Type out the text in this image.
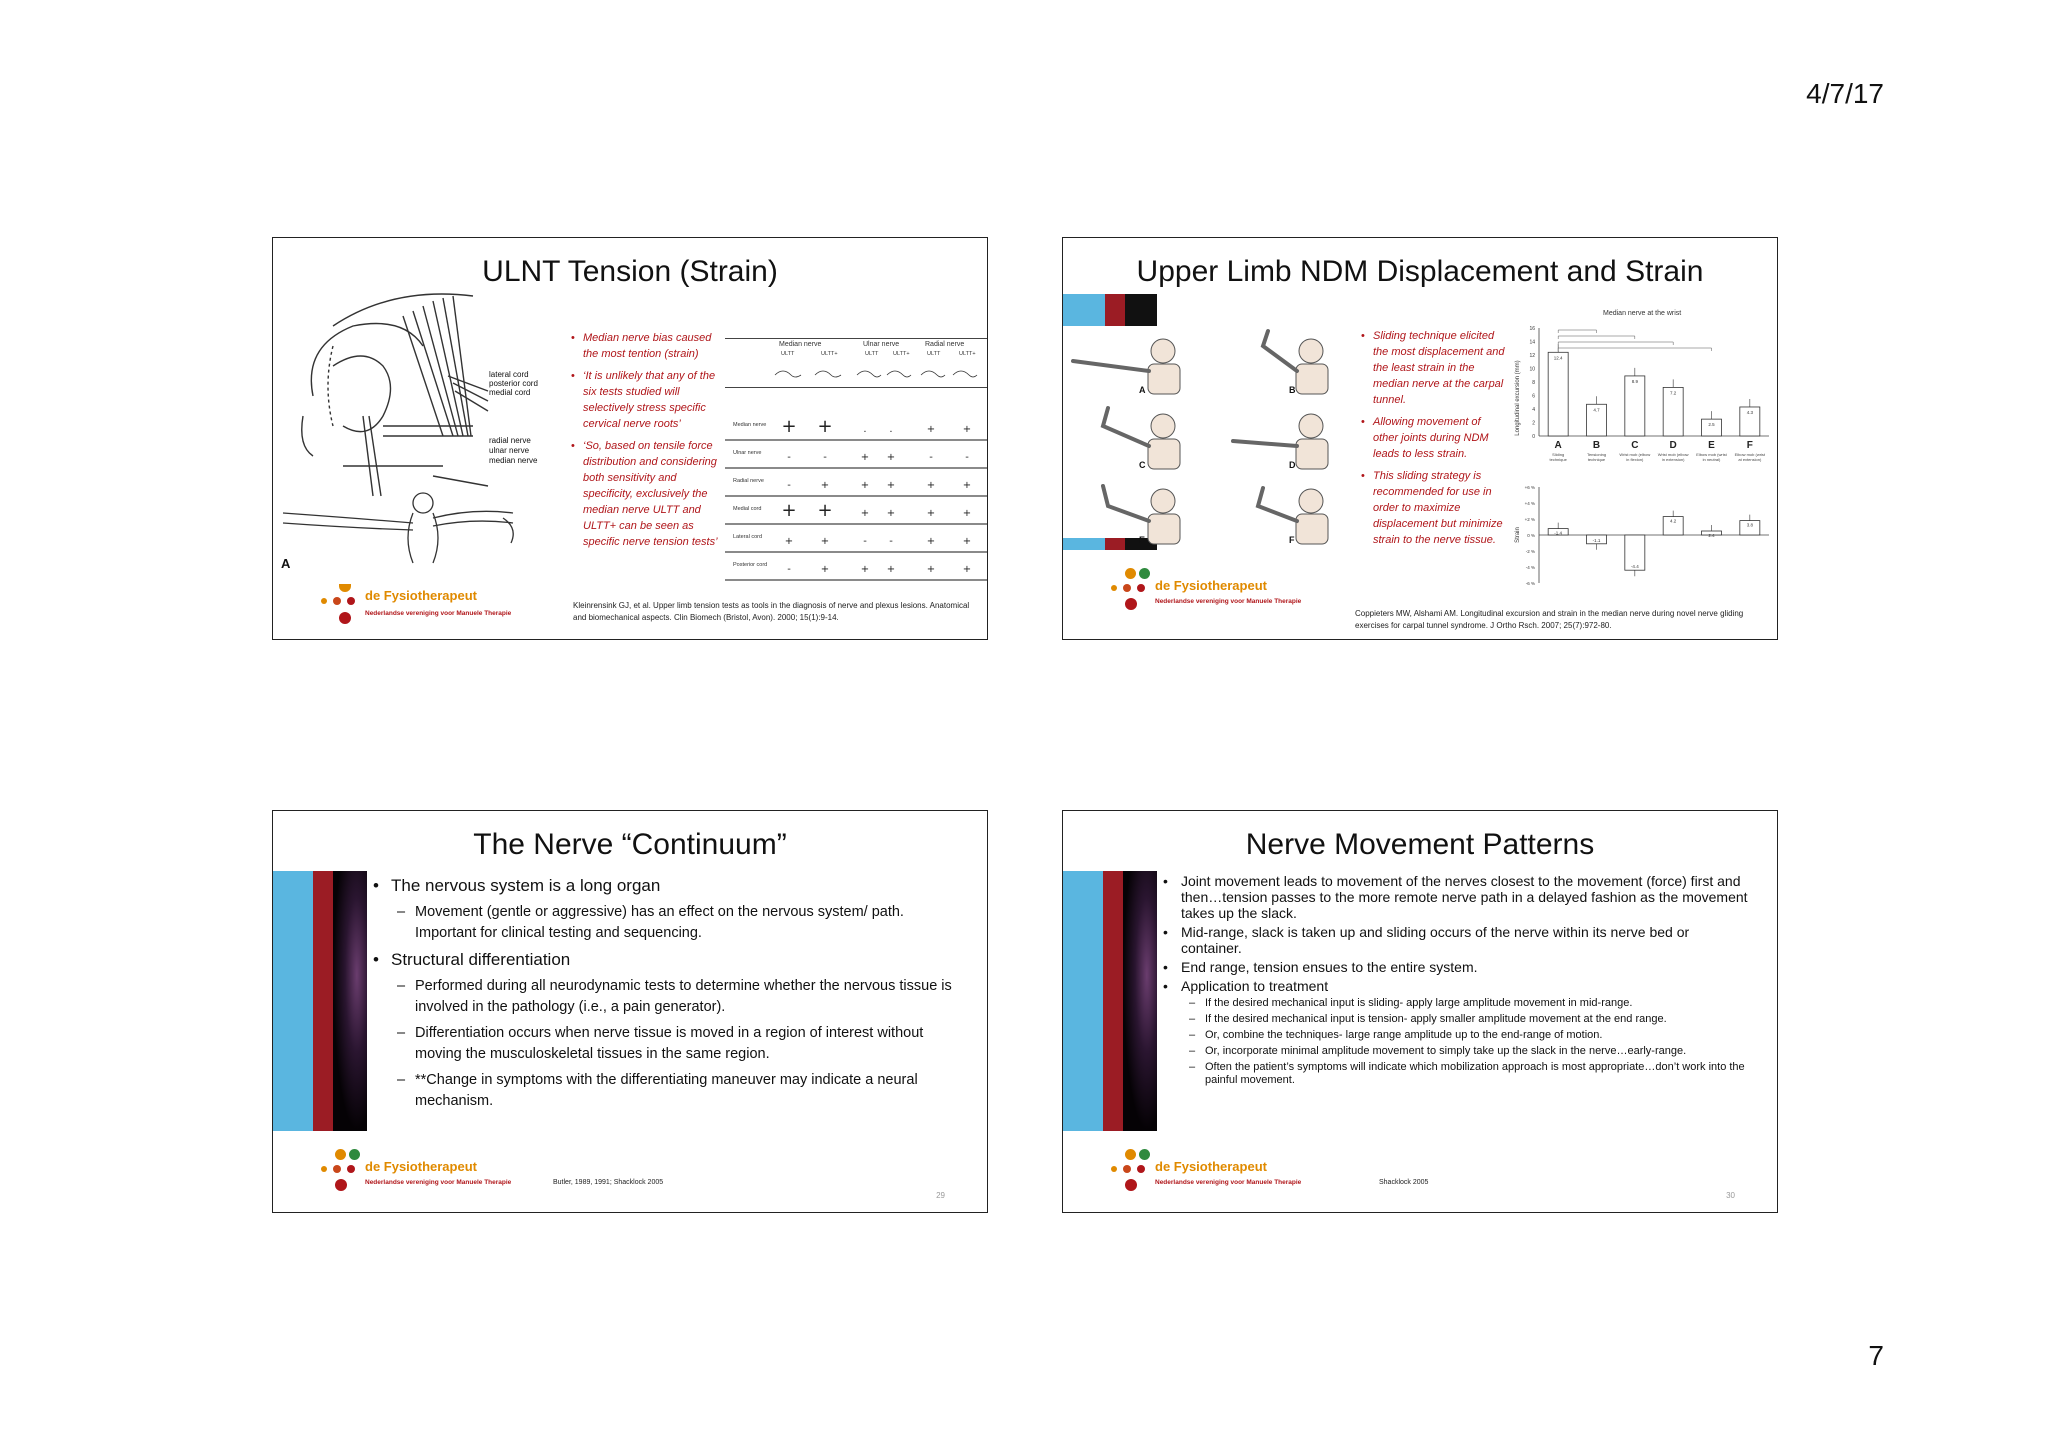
4/7/17
ULNT Tension (Strain)
lateral cord
posterior cord
medial cord
radial nerve
ulnar nerve
median nerve
A
• Median nerve bias caused the most tention (strain)
• ‘It is unlikely that any of the six tests studied will selectively stress specific cervical nerve roots’
• ‘So, based on tensile force distribution and considering both sensitivity and specificity, exclusively the median nerve ULTT and ULTT+ can be seen as specific nerve tension tests’
Median nerve	Ulnar nerve	Radial nerve
ULTT	ULTT+	ULTT	ULTT+	ULTT	ULTT+
Median nerve + +	. .	+	+
Ulnar nerve	-	-	+ +	-	-
Radial nerve -	+	+ +	+	+
Medial cord + +	+ +	+	+
Lateral cord +	+	- -	+	+
Posterior cord -	+	+ +	+	+
de Fysiotherapeut
Nederlandse vereniging voor Manuele Therapie
Kleinrensink GJ, et al. Upper limb tension tests as tools in the diagnosis of nerve and plexus lesions. Anatomical and biomechanical aspects. Clin Biomech (Bristol, Avon). 2000; 15(1):9-14.
Upper Limb NDM Displacement and Strain
A	B
C	D
E	F
• Sliding technique elicited the most displacement and the least strain in the median nerve at the carpal tunnel.
• Allowing movement of other joints during NDM leads to less strain.
• This sliding strategy is recommended for use in order to maximize displacement but minimize strain to the nerve tissue.
Median nerve at the wrist
Longitudinal excursion (mm)
16
14
12
10
8
6
4
2
0
12.4
A
Sliding
technique
4.7
B
Tensioning
technique
8.9
C
Wrist mob (elbow
in flexion)
7.2
D
Wrist mob (elbow
in extension)
2.5
E
Elbow mob (wrist
in neutral)
4.3
F
Elbow mob (wrist
at extension)
Strain
+6 %
+4 %
+2 %
0 %
-2 %
-4 %
-6 %
-1.4
-1.1
-4.4
4.2
2.4
3.8
de Fysiotherapeut
Nederlandse vereniging voor Manuele Therapie
Coppieters MW, Alshami AM. Longitudinal excursion and strain in the median nerve during novel nerve gliding exercises for carpal tunnel syndrome. J Ortho Rsch. 2007; 25(7):972-80.
The Nerve “Continuum”
• The nervous system is a long organ
– Movement (gentle or aggressive) has an effect on the nervous system/ path. Important for clinical testing and sequencing.
• Structural differentiation
– Performed during all neurodynamic tests to determine whether the nervous tissue is involved in the pathology (i.e., a pain generator).
– Differentiation occurs when nerve tissue is moved in a region of interest without moving the musculoskeletal tissues in the same region.
– **Change in symptoms with the differentiating maneuver may indicate a neural mechanism.
de Fysiotherapeut
Nederlandse vereniging voor Manuele Therapie	Butler, 1989, 1991; Shacklock 2005
29
Nerve Movement Patterns
• Joint movement leads to movement of the nerves closest to the movement (force) first and then…tension passes to the more remote nerve path in a delayed fashion as the movement takes up the slack.
• Mid-range, slack is taken up and sliding occurs of the nerve within its nerve bed or container.
• End range, tension ensues to the entire system.
• Application to treatment
– If the desired mechanical input is sliding- apply large amplitude movement in mid-range.
– If the desired mechanical input is tension- apply smaller amplitude movement at the end range.
– Or, combine the techniques- large range amplitude up to the end-range of motion.
– Or, incorporate minimal amplitude movement to simply take up the slack in the nerve…early-range.
– Often the patient’s symptoms will indicate which mobilization approach is most appropriate…don’t work into the painful movement.
de Fysiotherapeut
Nederlandse vereniging voor Manuele Therapie	Shacklock 2005
30
7
